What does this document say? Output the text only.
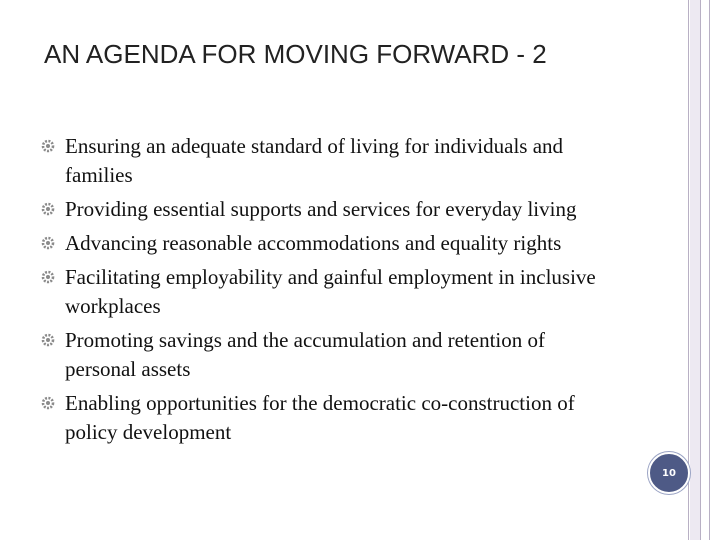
AN AGENDA FOR MOVING FORWARD - 2
Ensuring an adequate standard of living for individuals and families
Providing essential supports and services for everyday living
Advancing reasonable accommodations and equality rights
Facilitating employability and gainful employment in inclusive workplaces
Promoting savings and the accumulation and retention of personal assets
Enabling opportunities for the democratic co-construction of policy development
10
